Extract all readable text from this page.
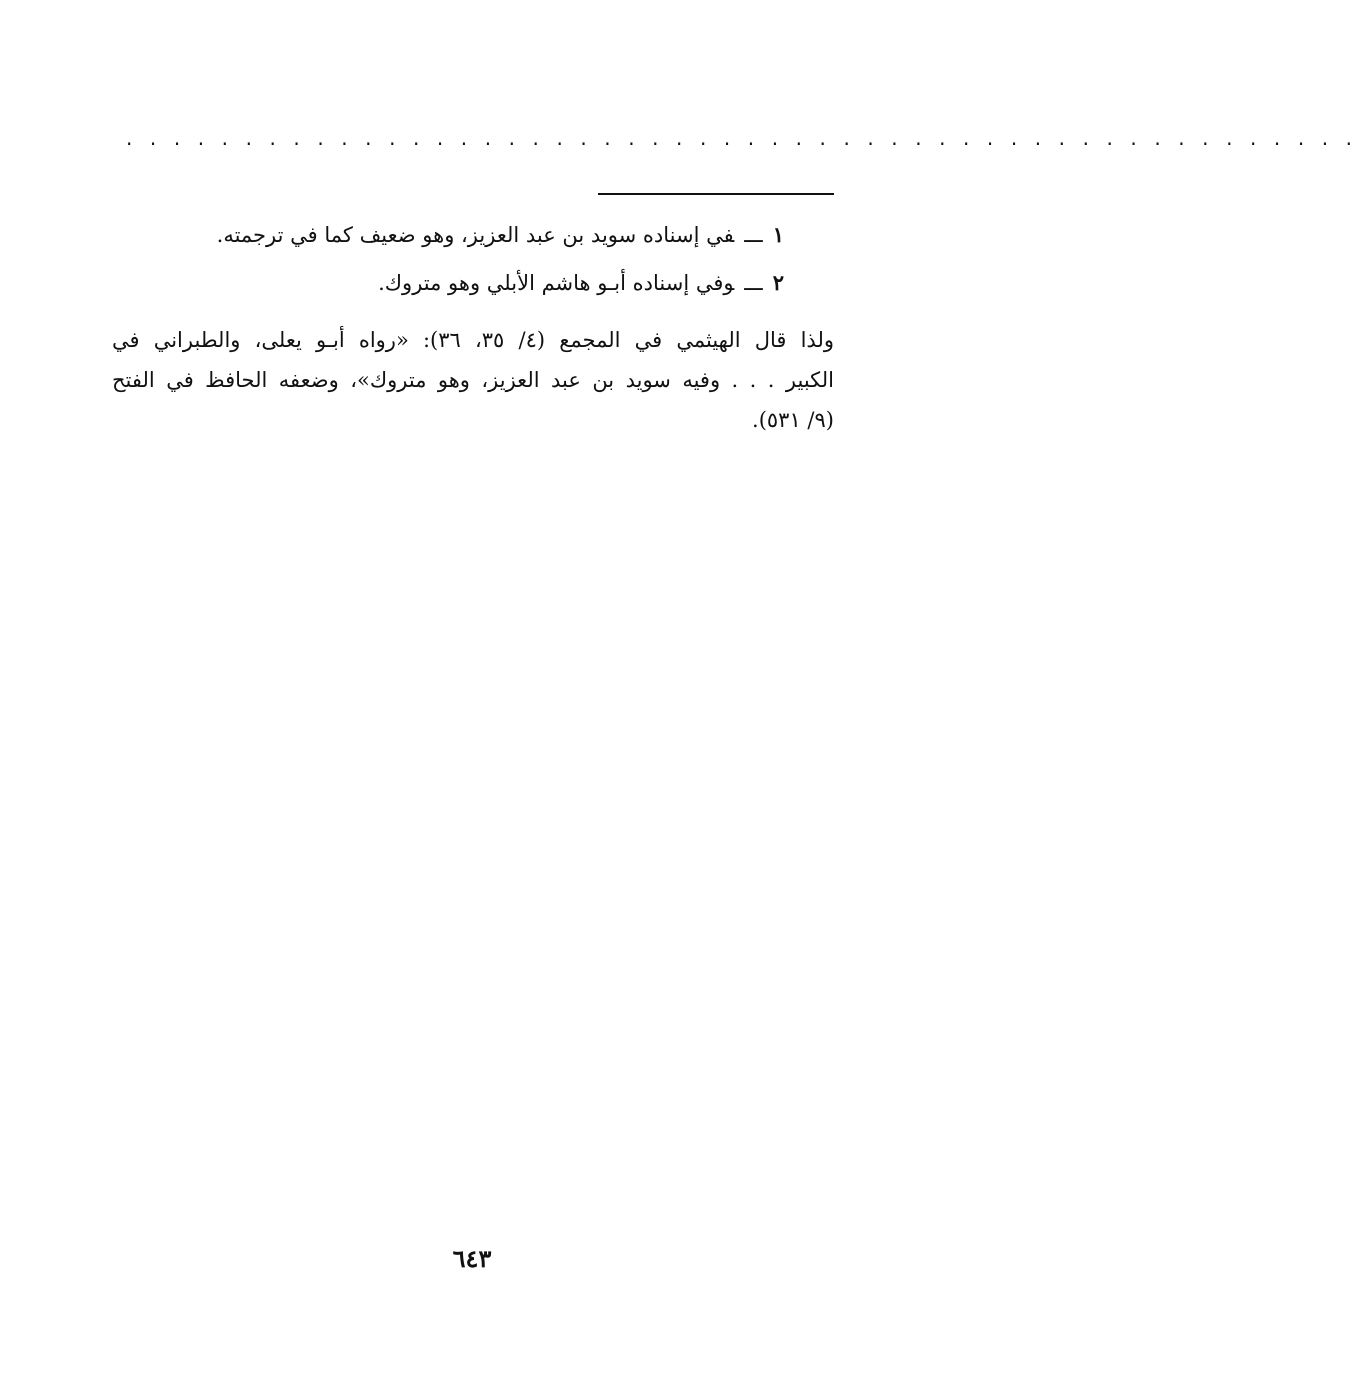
. . . . . . . . . . . . . . . . . . . . . . . . . . . . . . . . . . . . . . . . . . . . . . . . . . . .
١ـــفي إسناده سويد بن عبد العزيز، وهو ضعيف كما في ترجمته.
٢ـــوفي إسناده أبـو هاشم الأبلي وهو متروك.
ولذا قال الهيثمي في المجمع (٤/ ٣٥، ٣٦): «رواه أبـو يعلى، والطبراني في
الكبير . . . وفيه سويد بن عبد العزيز، وهو متروك»، وضعفه الحافظ في الفتح
(٩/ ٥٣١).
٦٤٣
